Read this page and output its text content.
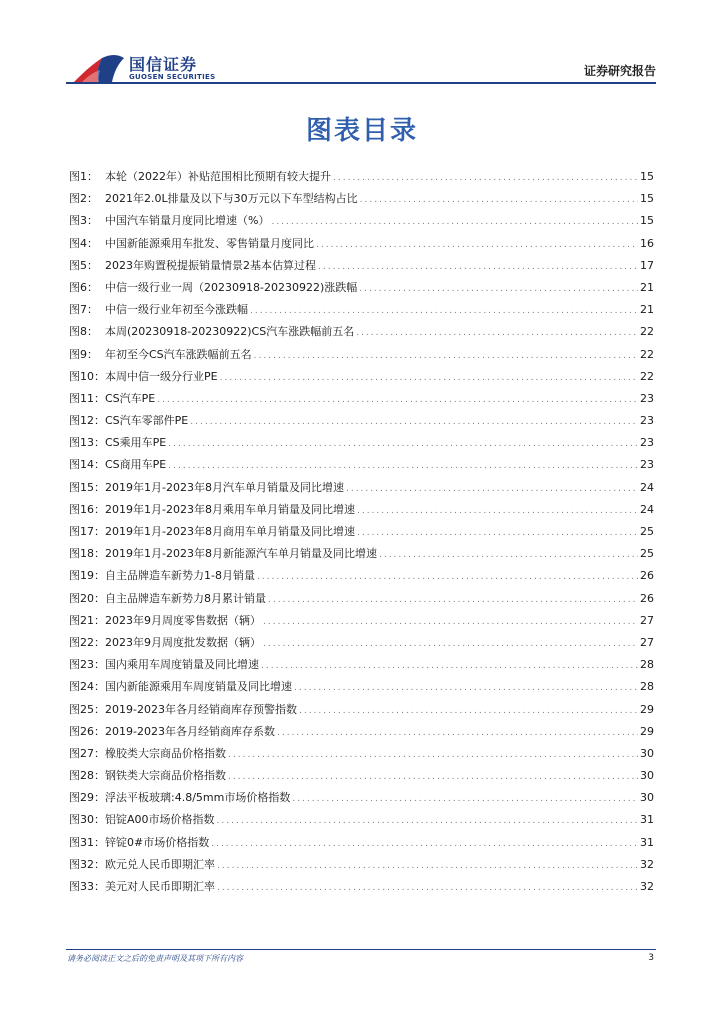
国信证券
GUOSEN SECURITIES	证券研究报告
图表目录
图1： 本轮（2022年）补贴范围相比预期有较大提升 .....	15
图2： 2021年2.0L排量及以下与30万元以下车型结构占比 .....	15
图3： 中国汽车销量月度同比增速（%） .....	15
图4： 中国新能源乘用车批发、零售销量月度同比 .....	16
图5： 2023年购置税提振销量情景2基本估算过程 .....	17
图6： 中信一级行业一周（20230918-20230922)涨跌幅 .....	21
图7： 中信一级行业年初至今涨跌幅 .....	21
图8： 本周(20230918-20230922)CS汽车涨跌幅前五名 .....	22
图9： 年初至今CS汽车涨跌幅前五名 .....	22
图10： 本周中信一级分行业PE .....	22
图11： CS汽车PE .....	23
图12： CS汽车零部件PE .....	23
图13： CS乘用车PE .....	23
图14： CS商用车PE .....	23
图15： 2019年1月-2023年8月汽车单月销量及同比增速 .....	24
图16： 2019年1月-2023年8月乘用车单月销量及同比增速 .....	24
图17： 2019年1月-2023年8月商用车单月销量及同比增速 .....	25
图18： 2019年1月-2023年8月新能源汽车单月销量及同比增速 .....	25
图19： 自主品牌造车新势力1-8月销量 .....	26
图20： 自主品牌造车新势力8月累计销量 .....	26
图21： 2023年9月周度零售数据（辆） .....	27
图22： 2023年9月周度批发数据（辆） .....	27
图23： 国内乘用车周度销量及同比增速 .....	28
图24： 国内新能源乘用车周度销量及同比增速 .....	28
图25： 2019-2023年各月经销商库存预警指数 .....	29
图26： 2019-2023年各月经销商库存系数 .....	29
图27： 橡胶类大宗商品价格指数 .....	30
图28： 钢铁类大宗商品价格指数 .....	30
图29： 浮法平板玻璃:4.8/5mm市场价格指数 .....	30
图30： 铝锭A00市场价格指数 .....	31
图31： 锌锭0#市场价格指数 .....	31
图32： 欧元兑人民币即期汇率 .....	32
图33： 美元对人民币即期汇率 .....	32
请务必阅读正文之后的免责声明及其项下所有内容	3
